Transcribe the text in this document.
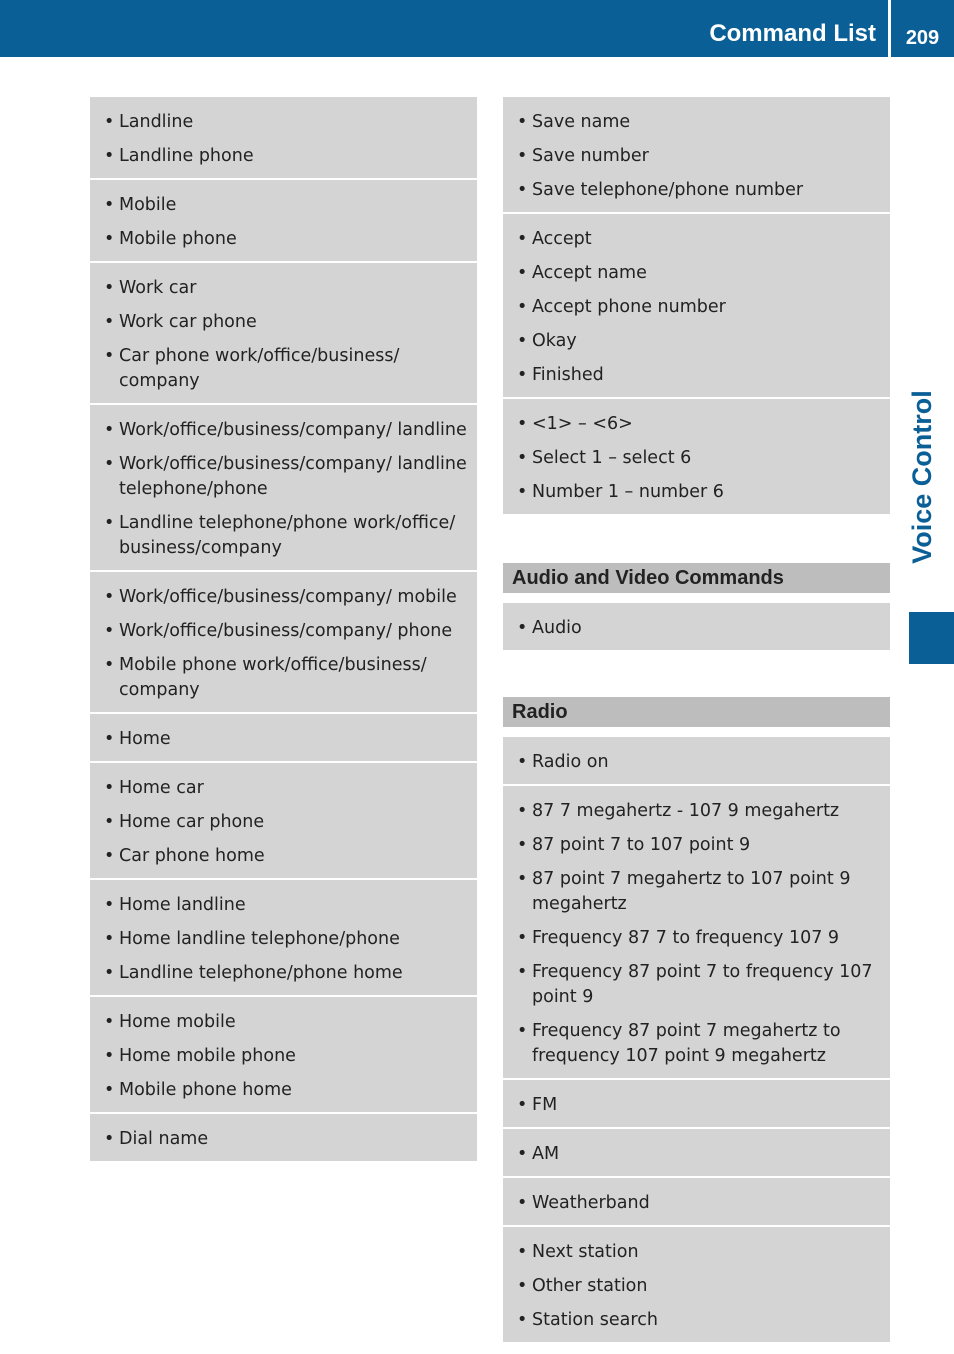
Command List	209
Voice Control
• Landline
• Landline phone
• Mobile
• Mobile phone
• Work car
• Work car phone
• Car phone work/office/business/ company
• Work/office/business/company/ landline
• Work/office/business/company/ landline telephone/phone
• Landline telephone/phone work/office/ business/company
• Work/office/business/company/ mobile
• Work/office/business/company/ phone
• Mobile phone work/office/business/ company
• Home
• Home car
• Home car phone
• Car phone home
• Home landline
• Home landline telephone/phone
• Landline telephone/phone home
• Home mobile
• Home mobile phone
• Mobile phone home
• Dial name
• Save name
• Save number
• Save telephone/phone number
• Accept
• Accept name
• Accept phone number
• Okay
• Finished
• <1> – <6>
• Select 1 – select 6
• Number 1 – number 6
Audio and Video Commands
• Audio
Radio
• Radio on
• 87 7 megahertz - 107 9 megahertz
• 87 point 7 to 107 point 9
• 87 point 7 megahertz to 107 point 9 megahertz
• Frequency 87 7 to frequency 107 9
• Frequency 87 point 7 to frequency 107 point 9
• Frequency 87 point 7 megahertz to frequency 107 point 9 megahertz
• FM
• AM
• Weatherband
• Next station
• Other station
• Station search
